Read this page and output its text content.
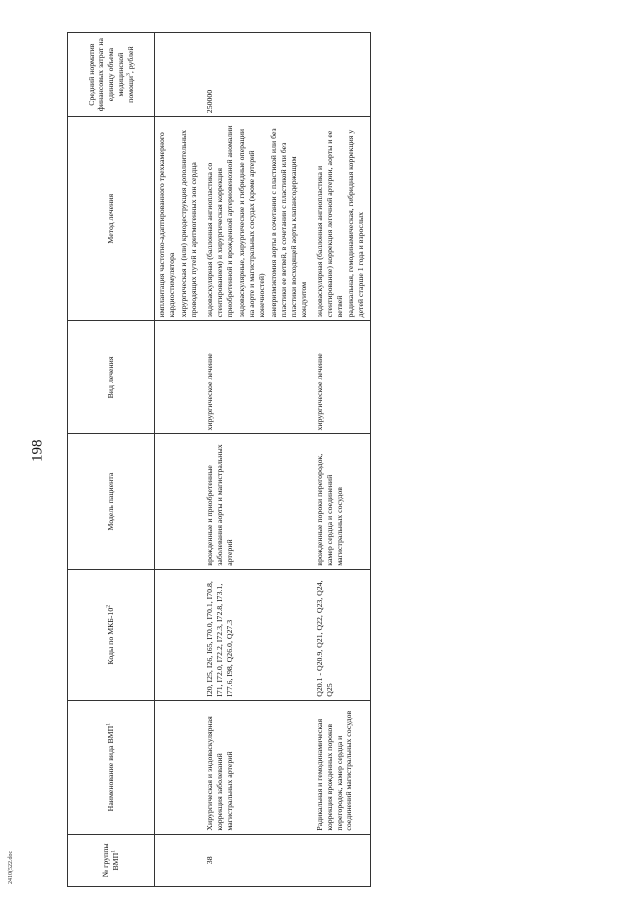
198
2410(522.doc	№ группы ВМП$^1$	Наименование вида ВМП$^1$	Коды по МКБ-$10^2$	Модель пациента	Вид лечения	Метод лечения	Средний норматив финансовых затрат на единицу объема медицинской помощи$^3$, рублей

					имплантация частотно-адаптированного трехкамерного кардиостимулятора хирургическая и (или) криодеструкция дополнительных проводящих путей и аритмогенных зон сердца	

38	Хирургическая и эндоваскулярная коррекция заболеваний магистральных артерий	I20, I25, I26, I65, I70.0, I70.1, I70.8, I71, I72.0, I72.2, I72.3, I72.8, I73.1, I77.6, I98, Q26.0, Q27.3	врожденные и приобретенные заболевания аорты и магистральных артерий	хирургическое лечение	эндоваскулярная (баллонная ангиопластика со стентированием) и хирургическая коррекция приобретенной и врожденной артериовенозной аномалии эндоваскулярные, хирургические и гибридные операции на аорте и магистральных сосудах (кроме артерий конечностей) аневризмэктомия аорты в сочетании с пластикой или без пластики ее ветвей, в сочетании с пластикой или без пластики восходящей аорты клапансодержащим кондуитом	250000
	Радикальная и гемодинамическая коррекция врожденных пороков перегородок, камер сердца и соединений магистральных сосудов	Q20.1 - Q20.9, Q21, Q22, Q23, Q24, Q25	врожденные пороки перегородок, камер сердца и соединений магистральных сосудов	хирургическое лечение	эндоваскулярная (баллонная ангиопластика и стентирование) коррекция легочной артерии, аорты и ее ветвей радикальная, гемодинамическая, гибридная коррекция у детей старше 1 года и взрослых	
